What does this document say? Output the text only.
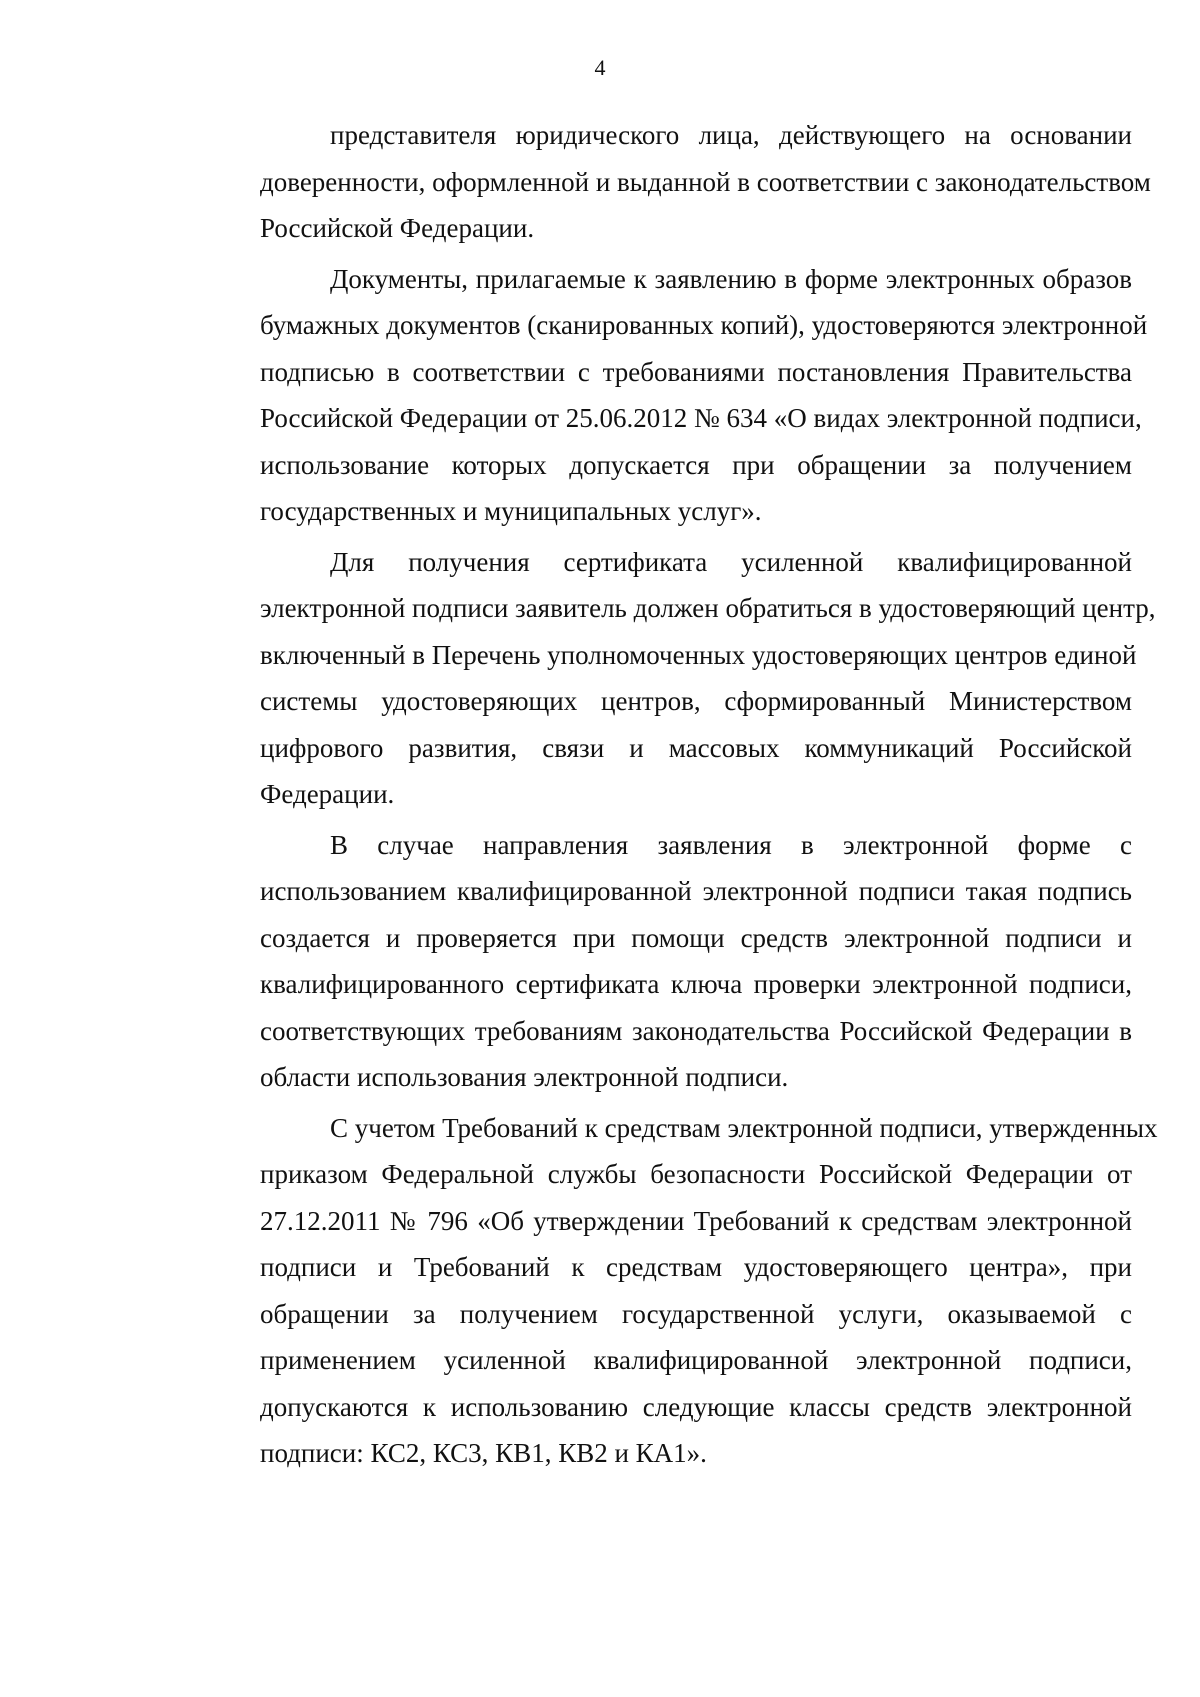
4
представителя юридического лица, действующего на основании
доверенности, оформленной и выданной в соответствии с законодательством
Российской Федерации.
Документы, прилагаемые к заявлению в форме электронных образов
бумажных документов (сканированных копий), удостоверяются электронной
подписью в соответствии с требованиями постановления Правительства
Российской Федерации от 25.06.2012 № 634 «О видах электронной подписи,
использование которых допускается при обращении за получением
государственных и муниципальных услуг».
Для получения сертификата усиленной квалифицированной
электронной подписи заявитель должен обратиться в удостоверяющий центр,
включенный в Перечень уполномоченных удостоверяющих центров единой
системы удостоверяющих центров, сформированный Министерством
цифрового развития, связи и массовых коммуникаций Российской
Федерации.
В случае направления заявления в электронной форме с
использованием квалифицированной электронной подписи такая подпись
создается и проверяется при помощи средств электронной подписи и
квалифицированного сертификата ключа проверки электронной подписи,
соответствующих требованиям законодательства Российской Федерации в
области использования электронной подписи.
С учетом Требований к средствам электронной подписи, утвержденных
приказом Федеральной службы безопасности Российской Федерации от
27.12.2011 № 796 «Об утверждении Требований к средствам электронной
подписи и Требований к средствам удостоверяющего центра», при
обращении за получением государственной услуги, оказываемой с
применением усиленной квалифицированной электронной подписи,
допускаются к использованию следующие классы средств электронной
подписи: КС2, КС3, КВ1, КВ2 и КА1».
